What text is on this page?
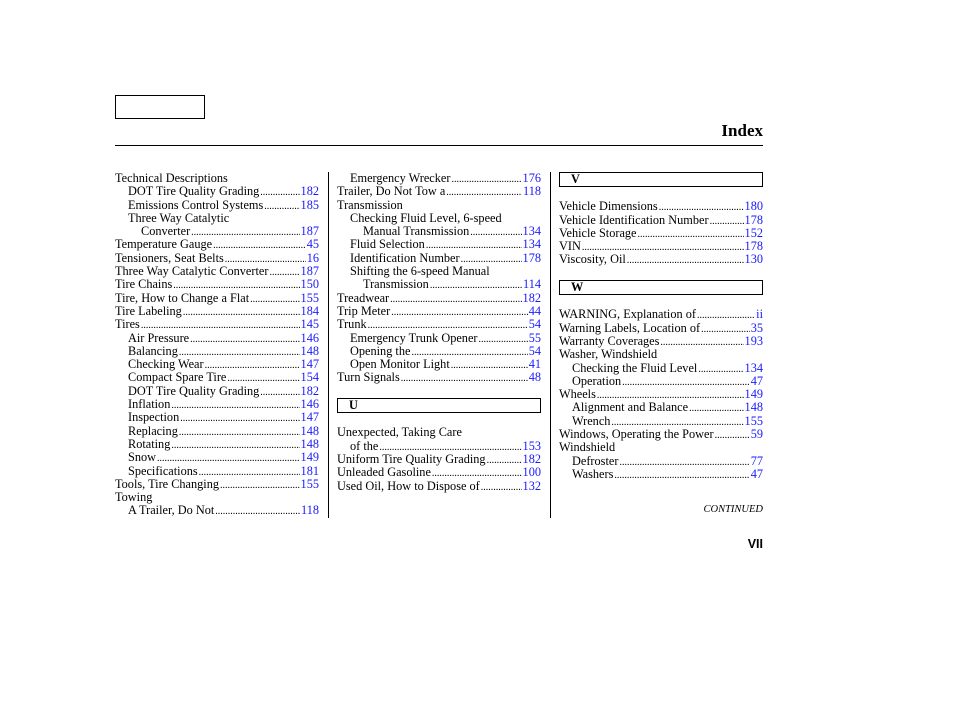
Index
Technical Descriptions
DOT Tire Quality Grading .....	182
Emissions Control Systems .....	185
Three Way Catalytic
Converter .....	187
Temperature Gauge .....	45
Tensioners, Seat Belts .....	16
Three Way Catalytic Converter .....	187
Tire Chains .....	150
Tire, How to Change a Flat .....	155
Tire Labeling .....	184
Tires .....	145
Air Pressure .....	146
Balancing .....	148
Checking Wear .....	147
Compact Spare Tire .....	154
DOT Tire Quality Grading .....	182
Inflation .....	146
Inspection .....	147
Replacing .....	148
Rotating .....	148
Snow .....	149
Specifications .....	181
Tools, Tire Changing .....	155
Towing
A Trailer, Do Not .....	118
Emergency Wrecker .....	176
Trailer, Do Not Tow a .....	118
Transmission
Checking Fluid Level, 6-speed
Manual Transmission .....	134
Fluid Selection .....	134
Identification Number .....	178
Shifting the 6-speed Manual
Transmission .....	114
Treadwear .....	182
Trip Meter .....	44
Trunk .....	54
Emergency Trunk Opener .....	55
Opening the .....	54
Open Monitor Light .....	41
Turn Signals .....	48
U
Unexpected, Taking Care
of the .....	153
Uniform Tire Quality Grading .....	182
Unleaded Gasoline .....	100
Used Oil, How to Dispose of .....	132
V
Vehicle Dimensions .....	180
Vehicle Identification Number .....	178
Vehicle Storage .....	152
VIN .....	178
Viscosity, Oil .....	130
W
WARNING, Explanation of .....	ii
Warning Labels, Location of .....	35
Warranty Coverages .....	193
Washer, Windshield
Checking the Fluid Level .....	134
Operation .....	47
Wheels .....	149
Alignment and Balance .....	148
Wrench .....	155
Windows, Operating the Power .....	59
Windshield
Defroster .....	77
Washers .....	47
CONTINUED
VII
